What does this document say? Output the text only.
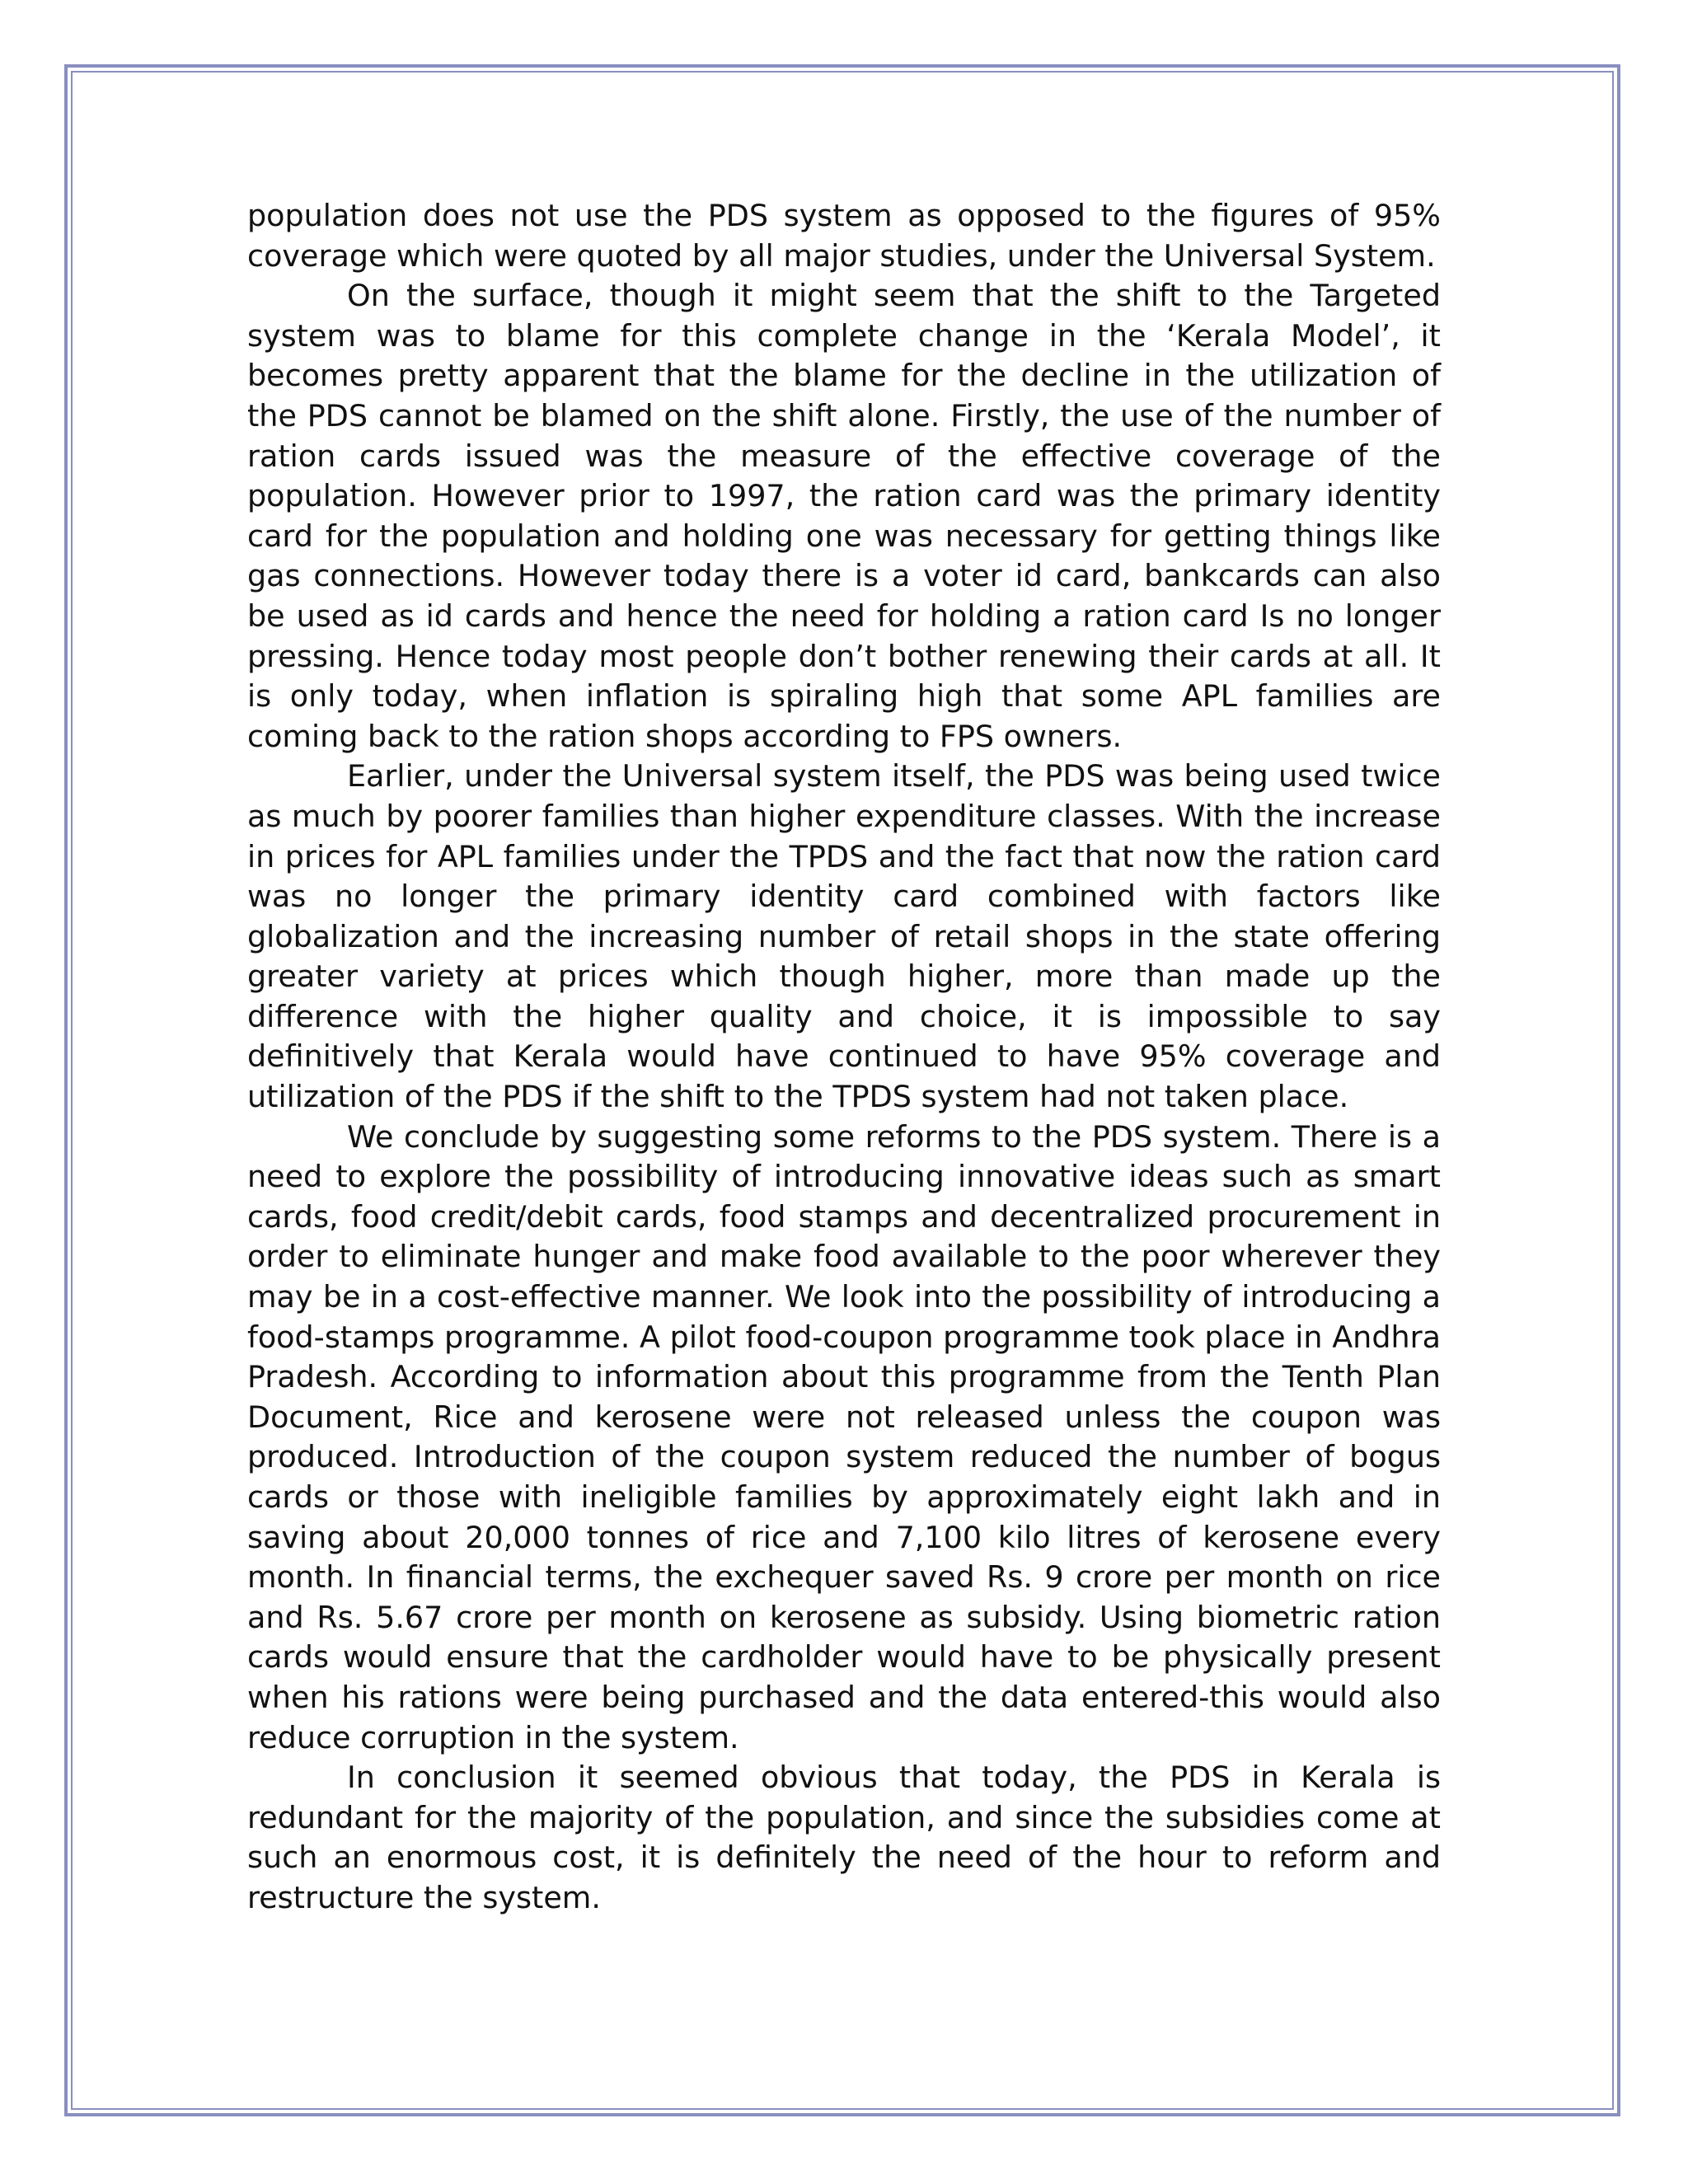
population does not use the PDS system as opposed to the figures of 95% coverage which were quoted by all major studies, under the Universal System.

On the surface, though it might seem that the shift to the Targeted system was to blame for this complete change in the ‘Kerala Model’, it becomes pretty apparent that the blame for the decline in the utilization of the PDS cannot be blamed on the shift alone. Firstly, the use of the number of ration cards issued was the measure of the effective coverage of the population. However prior to 1997, the ration card was the primary identity card for the population and holding one was necessary for getting things like gas connections. However today there is a voter id card, bankcards can also be used as id cards and hence the need for holding a ration card Is no longer pressing. Hence today most people don’t bother renewing their cards at all. It is only today, when inflation is spiraling high that some APL families are coming back to the ration shops according to FPS owners.

Earlier, under the Universal system itself, the PDS was being used twice as much by poorer families than higher expenditure classes. With the increase in prices for APL families under the TPDS and the fact that now the ration card was no longer the primary identity card combined with factors like globalization and the increasing number of retail shops in the state offering greater variety at prices which though higher, more than made up the difference with the higher quality and choice, it is impossible to say definitively that Kerala would have continued to have 95% coverage and utilization of the PDS if the shift to the TPDS system had not taken place.

We conclude by suggesting some reforms to the PDS system. There is a need to explore the possibility of introducing innovative ideas such as smart cards, food credit/debit cards, food stamps and decentralized procurement in order to eliminate hunger and make food available to the poor wherever they may be in a cost-effective manner. We look into the possibility of introducing a food-stamps programme. A pilot food-coupon programme took place in Andhra Pradesh. According to information about this programme from the Tenth Plan Document, Rice and kerosene were not released unless the coupon was produced. Introduction of the coupon system reduced the number of bogus cards or those with ineligible families by approximately eight lakh and in saving about 20,000 tonnes of rice and 7,100 kilo litres of kerosene every month. In financial terms, the exchequer saved Rs. 9 crore per month on rice and Rs. 5.67 crore per month on kerosene as subsidy. Using biometric ration cards would ensure that the cardholder would have to be physically present when his rations were being purchased and the data entered-this would also reduce corruption in the system.

In conclusion it seemed obvious that today, the PDS in Kerala is redundant for the majority of the population, and since the subsidies come at such an enormous cost, it is definitely the need of the hour to reform and restructure the system.
